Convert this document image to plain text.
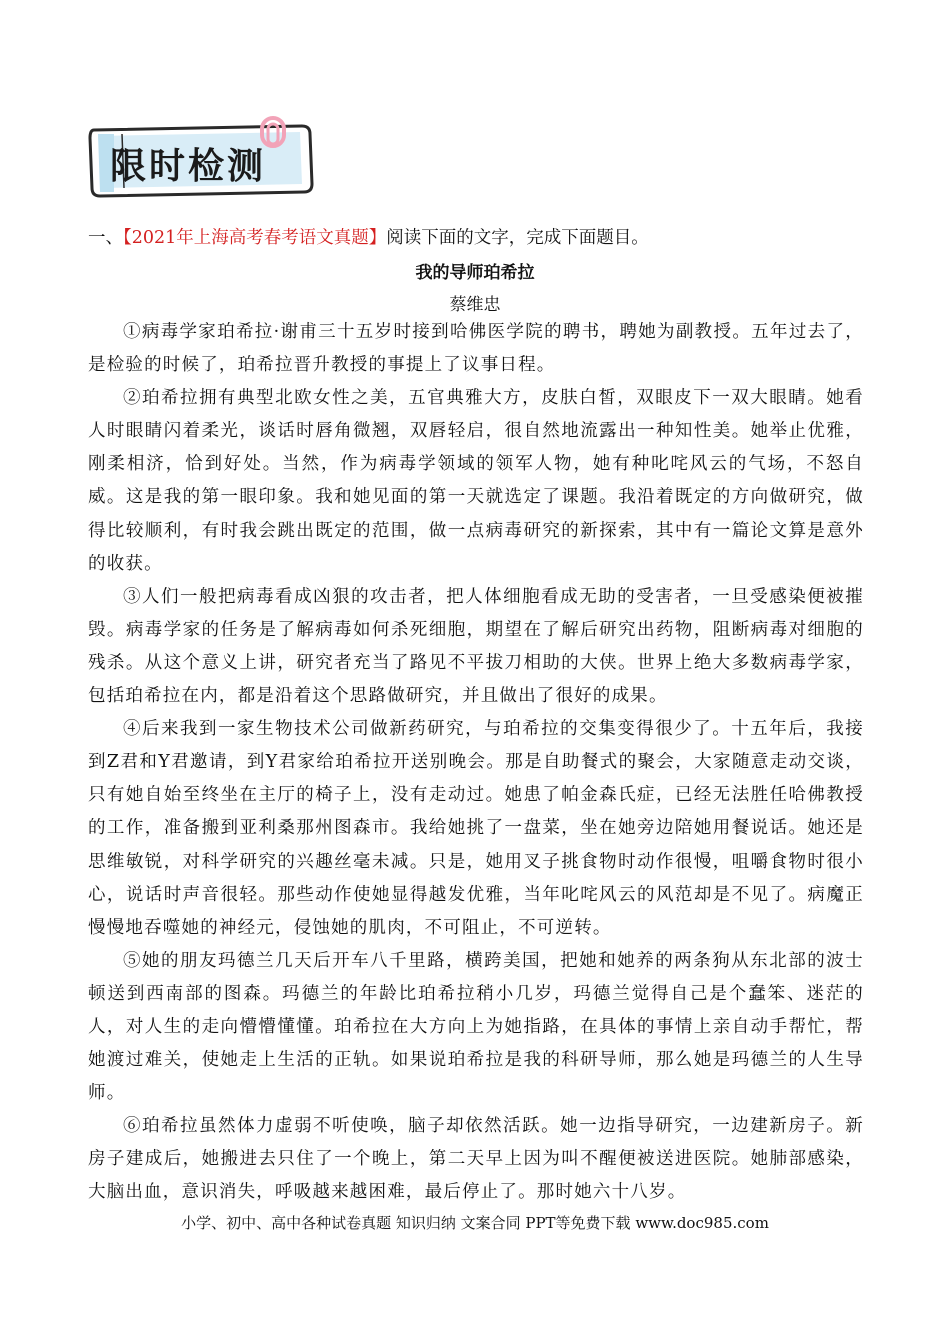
限时检测
一、【2021年上海高考春考语文真题】阅读下面的文字，完成下面题目。
我的导师珀希拉
蔡维忠

①病毒学家珀希拉·谢甫三十五岁时接到哈佛医学院的聘书，聘她为副教授。五年过去了，是检验的时候了，珀希拉晋升教授的事提上了议事日程。

②珀希拉拥有典型北欧女性之美，五官典雅大方，皮肤白皙，双眼皮下一双大眼睛。她看人时眼睛闪着柔光，谈话时唇角微翘，双唇轻启，很自然地流露出一种知性美。她举止优雅，刚柔相济，恰到好处。当然，作为病毒学领域的领军人物，她有种叱咤风云的气场，不怒自威。这是我的第一眼印象。我和她见面的第一天就选定了课题。我沿着既定的方向做研究，做得比较顺利，有时我会跳出既定的范围，做一点病毒研究的新探索，其中有一篇论文算是意外的收获。

③人们一般把病毒看成凶狠的攻击者，把人体细胞看成无助的受害者，一旦受感染便被摧毁。病毒学家的任务是了解病毒如何杀死细胞，期望在了解后研究出药物，阻断病毒对细胞的残杀。从这个意义上讲，研究者充当了路见不平拔刀相助的大侠。世界上绝大多数病毒学家，包括珀希拉在内，都是沿着这个思路做研究，并且做出了很好的成果。

④后来我到一家生物技术公司做新药研究，与珀希拉的交集变得很少了。十五年后，我接到Z君和Y君邀请，到Y君家给珀希拉开送别晚会。那是自助餐式的聚会，大家随意走动交谈，只有她自始至终坐在主厅的椅子上，没有走动过。她患了帕金森氏症，已经无法胜任哈佛教授的工作，准备搬到亚利桑那州图森市。我给她挑了一盘菜，坐在她旁边陪她用餐说话。她还是思维敏锐，对科学研究的兴趣丝毫未减。只是，她用叉子挑食物时动作很慢，咀嚼食物时很小心，说话时声音很轻。那些动作使她显得越发优雅，当年叱咤风云的风范却是不见了。病魔正慢慢地吞噬她的神经元，侵蚀她的肌肉，不可阻止，不可逆转。

⑤她的朋友玛德兰几天后开车八千里路，横跨美国，把她和她养的两条狗从东北部的波士 顿送到西南部的图森。玛德兰的年龄比珀希拉稍小几岁，玛德兰觉得自己是个蠢笨、迷茫的人，对人生的走向懵懵懂懂。珀希拉在大方向上为她指路，在具体的事情上亲自动手帮忙，帮她渡过难关，使她走上生活的正轨。如果说珀希拉是我的科研导师，那么她是玛德兰的人生导师。

⑥珀希拉虽然体力虚弱不听使唤，脑子却依然活跃。她一边指导研究，一边建新房子。新房子建成后，她搬进去只住了一个晚上，第二天早上因为叫不醒便被送进医院。她肺部感染，大脑出血，意识消失，呼吸越来越困难，最后停止了。那时她六十八岁。

小学、初中、高中各种试卷真题 知识归纳 文案合同 PPT等免费下载 www.doc985.com
